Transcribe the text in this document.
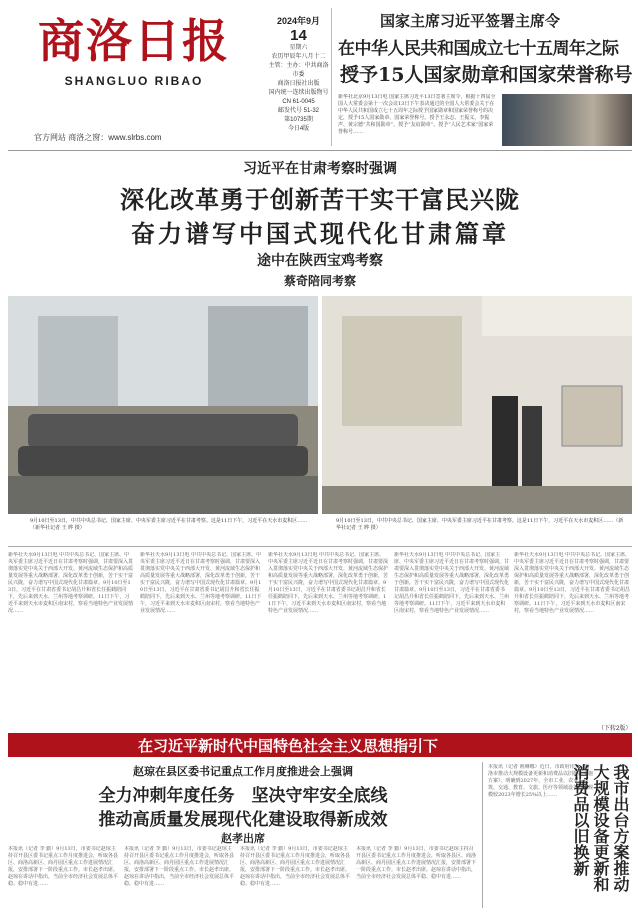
商洛日报
SHANGLUO RIBAO
官方网站 商洛之窗：www.slrbs.com
2024年9月
14
星期六
农历甲辰年八月十二
主管：主办：中共商洛市委
商洛日报社出版
国内统一连续出版物号
CN 61-0045
邮发代号 51-32
第10735期
今日4版
国家主席习近平签署主席令
在中华人民共和国成立七十五周年之际
授予15人国家勋章和国家荣誉称号
新华社北京9月13日电 国家主席习近平13日签署主席令，根据十四届全国人大常委会第十一次会议13日下午表决通过的全国人大常委会关于在中华人民共和国成立七十五周年之际授予国家勋章和国家荣誉称号的决定，授予15人国家勋章、国家荣誉称号。授予王永志、王振义、李振声、黄宗德“共和国勋章”。授予“友谊勋章”。授予“人民艺术家”国家荣誉称号……
习近平在甘肃考察时强调
深化改革勇于创新苦干实干富民兴陇
奋力谱写中国式现代化甘肃篇章
途中在陕西宝鸡考察
蔡奇陪同考察
9月10日至13日，中共中央总书记、国家主席、中央军委主席习近平在甘肃考察。这是11日下午，习近平在天水市麦积区……（新华社记者 王 晔 摄）
9月10日至13日，中共中央总书记、国家主席、中央军委主席习近平在甘肃考察。这是11日下午，习近平在天水市麦积区……（新华社记者 王 晔 摄）
新华社天水9月13日电 中共中央总书记、国家主席、中央军委主席习近平近日在甘肃考察时强调，甘肃要深入贯彻落实党中央关于西部大开发、黄河流域生态保护和高质量发展等重大战略部署，深化改革勇于创新，苦干实干富民兴陇，奋力谱写中国式现代化甘肃篇章。9月10日至13日，习近平在甘肃省委书记胡昌升和省长任振鹤陪同下，先后来到天水、兰州等地考察调研。11日下午，习近平来到天水市麦积区南宋村，察看当地特色产业发展情况……
新华社天水9月13日电 中共中央总书记、国家主席、中央军委主席习近平近日在甘肃考察时强调，甘肃要深入贯彻落实党中央关于西部大开发、黄河流域生态保护和高质量发展等重大战略部署，深化改革勇于创新，苦干实干富民兴陇，奋力谱写中国式现代化甘肃篇章。9月10日至13日，习近平在甘肃省委书记胡昌升和省长任振鹤陪同下，先后来到天水、兰州等地考察调研。11日下午，习近平来到天水市麦积区南宋村，察看当地特色产业发展情况……
新华社天水9月13日电 中共中央总书记、国家主席、中央军委主席习近平近日在甘肃考察时强调，甘肃要深入贯彻落实党中央关于西部大开发、黄河流域生态保护和高质量发展等重大战略部署，深化改革勇于创新，苦干实干富民兴陇，奋力谱写中国式现代化甘肃篇章。9月10日至13日，习近平在甘肃省委书记胡昌升和省长任振鹤陪同下，先后来到天水、兰州等地考察调研。11日下午，习近平来到天水市麦积区南宋村，察看当地特色产业发展情况……
新华社天水9月13日电 中共中央总书记、国家主席、中央军委主席习近平近日在甘肃考察时强调，甘肃要深入贯彻落实党中央关于西部大开发、黄河流域生态保护和高质量发展等重大战略部署，深化改革勇于创新，苦干实干富民兴陇，奋力谱写中国式现代化甘肃篇章。9月10日至13日，习近平在甘肃省委书记胡昌升和省长任振鹤陪同下，先后来到天水、兰州等地考察调研。11日下午，习近平来到天水市麦积区南宋村，察看当地特色产业发展情况……
新华社天水9月13日电 中共中央总书记、国家主席、中央军委主席习近平近日在甘肃考察时强调，甘肃要深入贯彻落实党中央关于西部大开发、黄河流域生态保护和高质量发展等重大战略部署，深化改革勇于创新，苦干实干富民兴陇，奋力谱写中国式现代化甘肃篇章。9月10日至13日，习近平在甘肃省委书记胡昌升和省长任振鹤陪同下，先后来到天水、兰州等地考察调研。11日下午，习近平来到天水市麦积区南宋村，察看当地特色产业发展情况……
（下转2版）
在习近平新时代中国特色社会主义思想指引下
赵琼在县区委书记重点工作月度推进会上强调
全力冲刺年度任务　坚决守牢安全底线
推动高质量发展现代化建设取得新成效
赵孝出席
本报讯（记者 李 勤）9月13日，市委书记赵琼主持召开县区委书记重点工作月度推进会，听取各县区、商洛高新区、商丹园区重点工作进展情况汇报，安排部署下一阶段重点工作。市长赵孝出席。赵琼在讲话中指出，当前全市经济社会发展总体平稳、稳中有进……
本报讯（记者 李 勤）9月13日，市委书记赵琼主持召开县区委书记重点工作月度推进会，听取各县区、商洛高新区、商丹园区重点工作进展情况汇报，安排部署下一阶段重点工作。市长赵孝出席。赵琼在讲话中指出，当前全市经济社会发展总体平稳、稳中有进……
本报讯（记者 李 勤）9月13日，市委书记赵琼主持召开县区委书记重点工作月度推进会，听取各县区、商洛高新区、商丹园区重点工作进展情况汇报，安排部署下一阶段重点工作。市长赵孝出席。赵琼在讲话中指出，当前全市经济社会发展总体平稳、稳中有进……
本报讯（记者 李 勤）9月13日，市委书记赵琼主持召开县区委书记重点工作月度推进会，听取各县区、商洛高新区、商丹园区重点工作进展情况汇报，安排部署下一阶段重点工作。市长赵孝出席。赵琼在讲话中指出，当前全市经济社会发展总体平稳、稳中有进……
本报讯（记者 谯琳娜）近日，市政府印发《商洛市推动大规模设备更新和消费品以旧换新实施方案》，明确到2027年，全市工业、农业、建筑、交通、教育、文旅、医疗等领域设备投资规模较2023年增长25%以上……	我市出台方案推动大规模设备更新和消费品以旧换新
